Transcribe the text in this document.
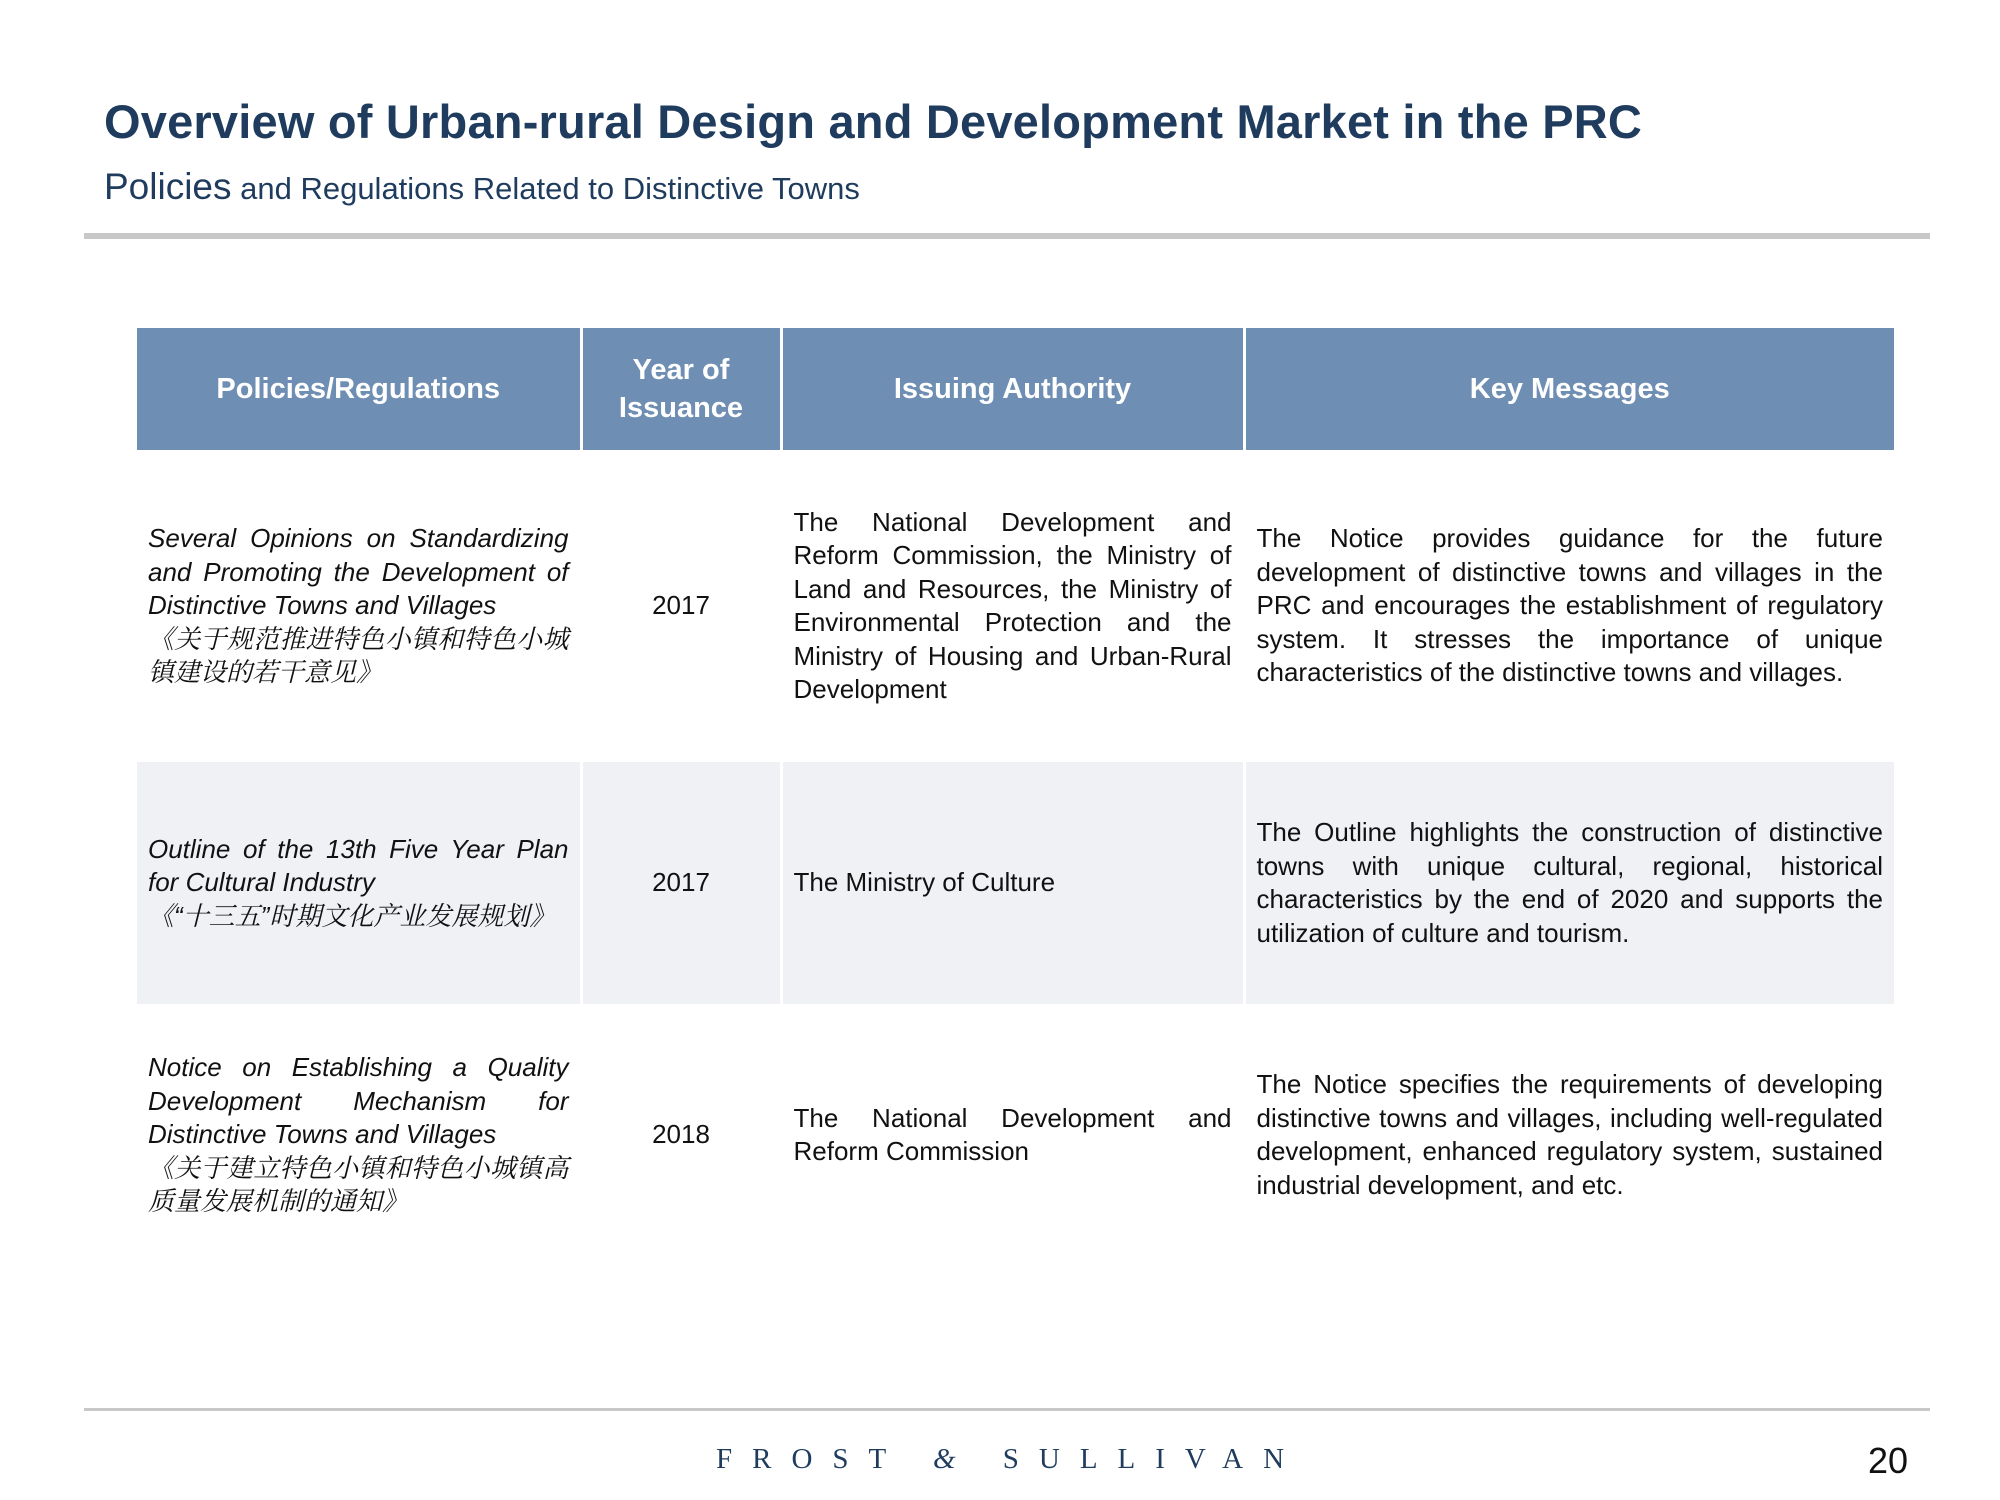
Overview of Urban-rural Design and Development Market in the PRC
Policies and Regulations Related to Distinctive Towns
Policies/Regulations	Year of Issuance	Issuing Authority	Key Messages
Several Opinions on Standardizing and Promoting the Development of Distinctive Towns and Villages
《关于规范推进特色小镇和特色小城镇建设的若干意见》	2017	The National Development and Reform Commission, the Ministry of Land and Resources, the Ministry of Environmental Protection and the Ministry of Housing and Urban-Rural Development	The Notice provides guidance for the future development of distinctive towns and villages in the PRC and encourages the establishment of regulatory system. It stresses the importance of unique characteristics of the distinctive towns and villages.
Outline of the 13th Five Year Plan for Cultural Industry
《“十三五”时期文化产业发展规划》	2017	The Ministry of Culture	The Outline highlights the construction of distinctive towns with unique cultural, regional, historical characteristics by the end of 2020 and supports the utilization of culture and tourism.
Notice on Establishing a Quality Development Mechanism for Distinctive Towns and Villages
《关于建立特色小镇和特色小城镇高质量发展机制的通知》	2018	The National Development and Reform Commission	The Notice specifies the requirements of developing distinctive towns and villages, including well-regulated development, enhanced regulatory system, sustained industrial development, and etc.
FROST & SULLIVAN	20
